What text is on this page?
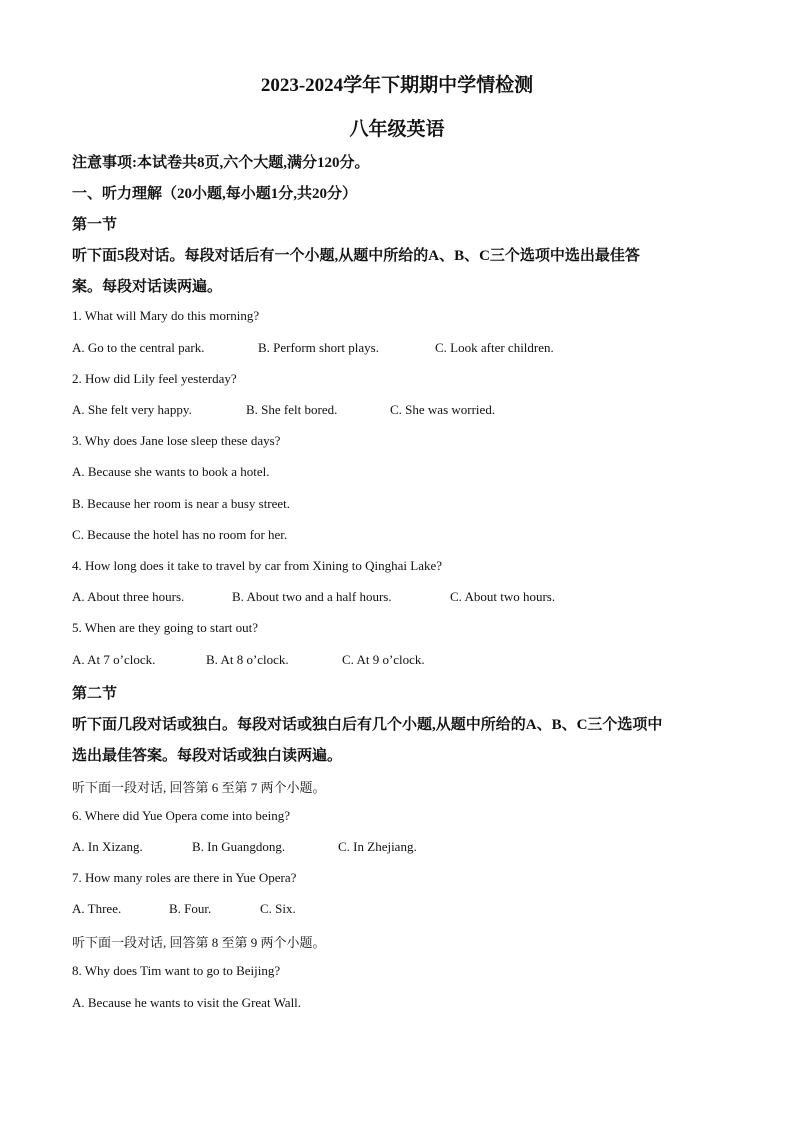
2023-2024学年下期期中学情检测
八年级英语
注意事项:本试卷共8页,六个大题,满分120分。
一、听力理解（20小题,每小题1分,共20分）
第一节
听下面5段对话。每段对话后有一个小题,从题中所给的A、B、C三个选项中选出最佳答
案。每段对话读两遍。
1. What will Mary do this morning?
A. Go to the central park.	B. Perform short plays.	C. Look after children.
2. How did Lily feel yesterday?
A. She felt very happy.	B. She felt bored.	C. She was worried.
3. Why does Jane lose sleep these days?
A. Because she wants to book a hotel.
B. Because her room is near a busy street.
C. Because the hotel has no room for her.
4. How long does it take to travel by car from Xining to Qinghai Lake?
A. About three hours.	B. About two and a half hours.	C. About two hours.
5. When are they going to start out?
A. At 7 o’clock.	B. At 8 o’clock.	C. At 9 o’clock.
第二节
听下面几段对话或独白。每段对话或独白后有几个小题,从题中所给的A、B、C三个选项中
选出最佳答案。每段对话或独白读两遍。
听下面一段对话, 回答第 6 至第 7 两个小题。
6. Where did Yue Opera come into being?
A. In Xizang.	B. In Guangdong.	C. In Zhejiang.
7. How many roles are there in Yue Opera?
A. Three.	B. Four.	C. Six.
听下面一段对话, 回答第 8 至第 9 两个小题。
8. Why does Tim want to go to Beijing?
A. Because he wants to visit the Great Wall.
